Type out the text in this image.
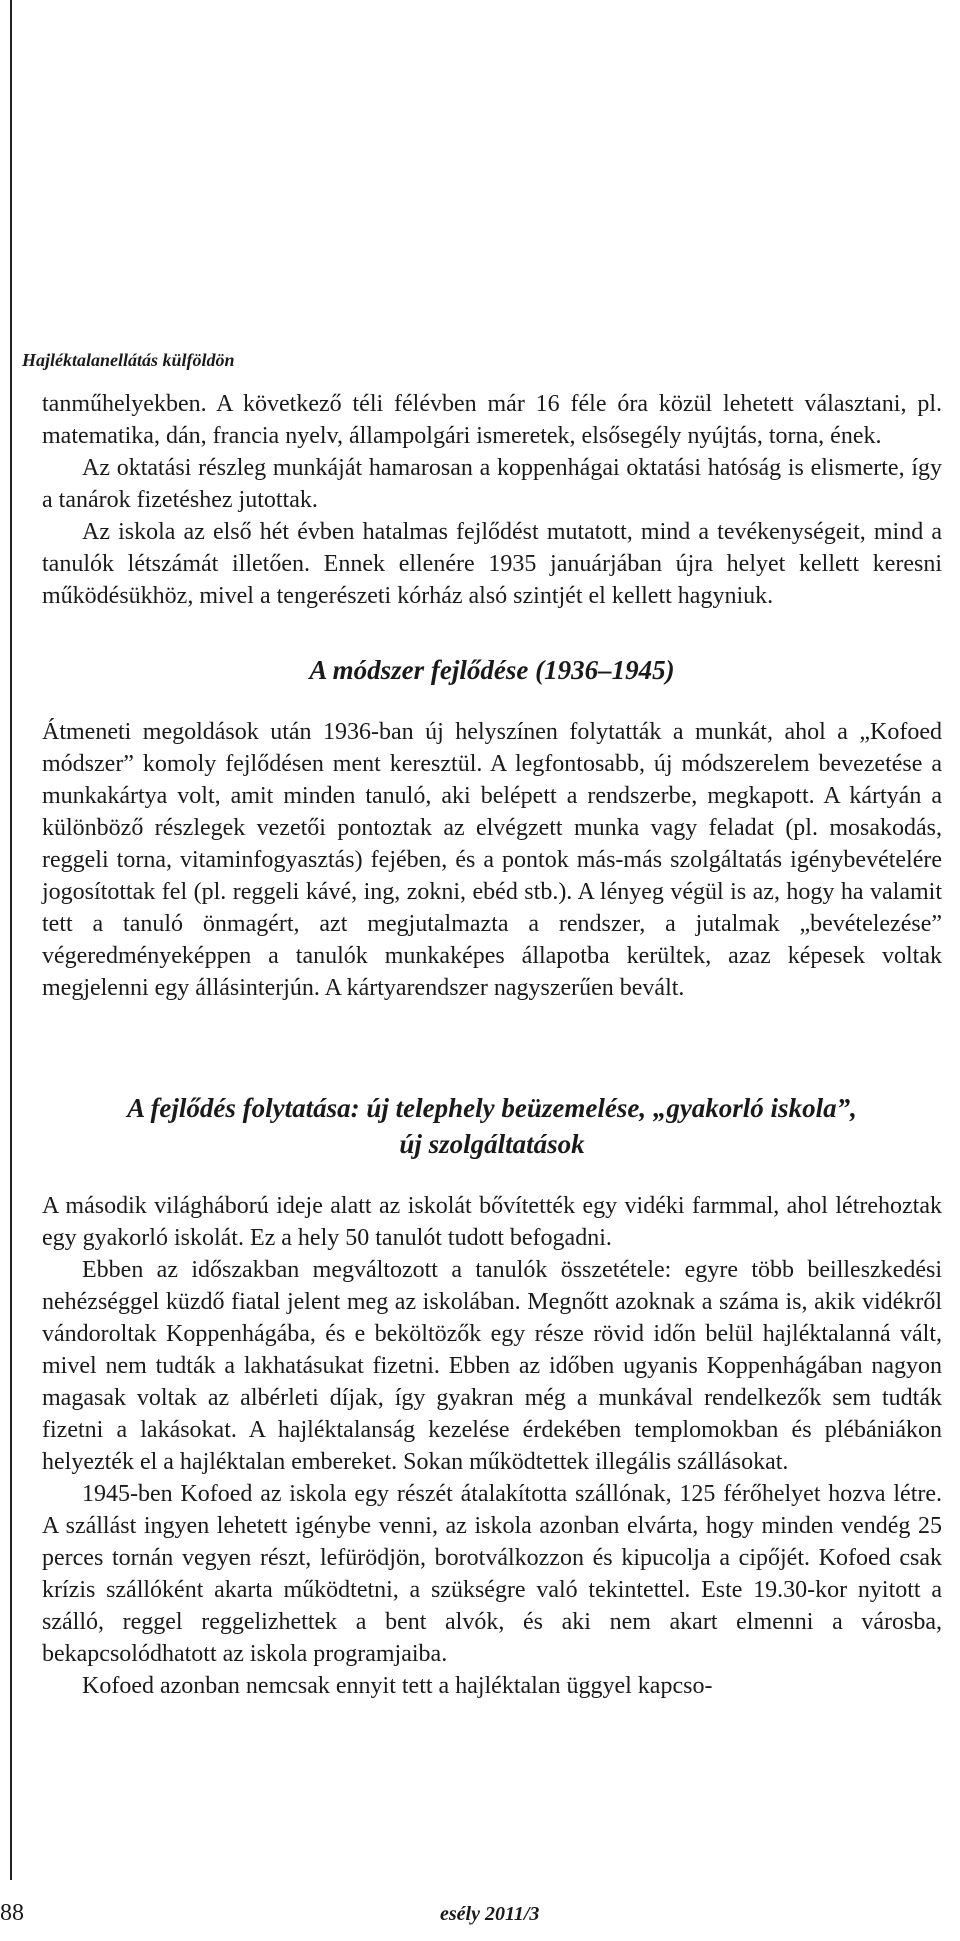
Hajléktalanellátás külföldön

tanműhelyekben. A következő téli félévben már 16 féle óra közül lehetett választani, pl. matematika, dán, francia nyelv, állampolgári ismeretek, elsősegély nyújtás, torna, ének.

Az oktatási részleg munkáját hamarosan a koppenhágai oktatási hatóság is elismerte, így a tanárok fizetéshez jutottak.

Az iskola az első hét évben hatalmas fejlődést mutatott, mind a tevékenységeit, mind a tanulók létszámát illetően. Ennek ellenére 1935 januárjában újra helyet kellett keresni működésükhöz, mivel a tengerészeti kórház alsó szintjét el kellett hagyniuk.

A módszer fejlődése (1936–1945)

Átmeneti megoldások után 1936-ban új helyszínen folytatták a munkát, ahol a „Kofoed módszer” komoly fejlődésen ment keresztül. A legfontosabb, új módszerelem bevezetése a munkakártya volt, amit minden tanuló, aki belépett a rendszerbe, megkapott. A kártyán a különböző részlegek vezetői pontoztak az elvégzett munka vagy feladat (pl. mosakodás, reggeli torna, vitaminfogyasztás) fejében, és a pontok más-más szolgáltatás igénybevételére jogosítottak fel (pl. reggeli kávé, ing, zokni, ebéd stb.). A lényeg végül is az, hogy ha valamit tett a tanuló önmagért, azt megjutalmazta a rendszer, a jutalmak „bevételezése” végeredményeképpen a tanulók munkaképes állapotba kerültek, azaz képesek voltak megjelenni egy állásinterjún. A kártyarendszer nagyszerűen bevált.

A fejlődés folytatása: új telephely beüzemelése, „gyakorló iskola”,
új szolgáltatások

A második világháború ideje alatt az iskolát bővítették egy vidéki farmmal, ahol létrehoztak egy gyakorló iskolát. Ez a hely 50 tanulót tudott befogadni.

Ebben az időszakban megváltozott a tanulók összetétele: egyre több beilleszkedési nehézséggel küzdő fiatal jelent meg az iskolában. Megnőtt azoknak a száma is, akik vidékről vándoroltak Koppenhágába, és e beköltözők egy része rövid időn belül hajléktalanná vált, mivel nem tudták a lakhatásukat fizetni. Ebben az időben ugyanis Koppenhágában nagyon magasak voltak az albérleti díjak, így gyakran még a munkával rendelkezők sem tudták fizetni a lakásokat. A hajléktalanság kezelése érdekében templomokban és plébániákon helyezték el a hajléktalan embereket. Sokan működtettek illegális szállásokat.

1945-ben Kofoed az iskola egy részét átalakította szállónak, 125 férőhelyet hozva létre. A szállást ingyen lehetett igénybe venni, az iskola azonban elvárta, hogy minden vendég 25 perces tornán vegyen részt, lefürödjön, borotválkozzon és kipucolja a cipőjét. Kofoed csak krízis szállóként akarta működtetni, a szükségre való tekintettel. Este 19.30-kor nyitott a szálló, reggel reggelizhettek a bent alvók, és aki nem akart elmenni a városba, bekapcsolódhatott az iskola programjaiba.

Kofoed azonban nemcsak ennyit tett a hajléktalan üggyel kapcso-

88	esély 2011/3
